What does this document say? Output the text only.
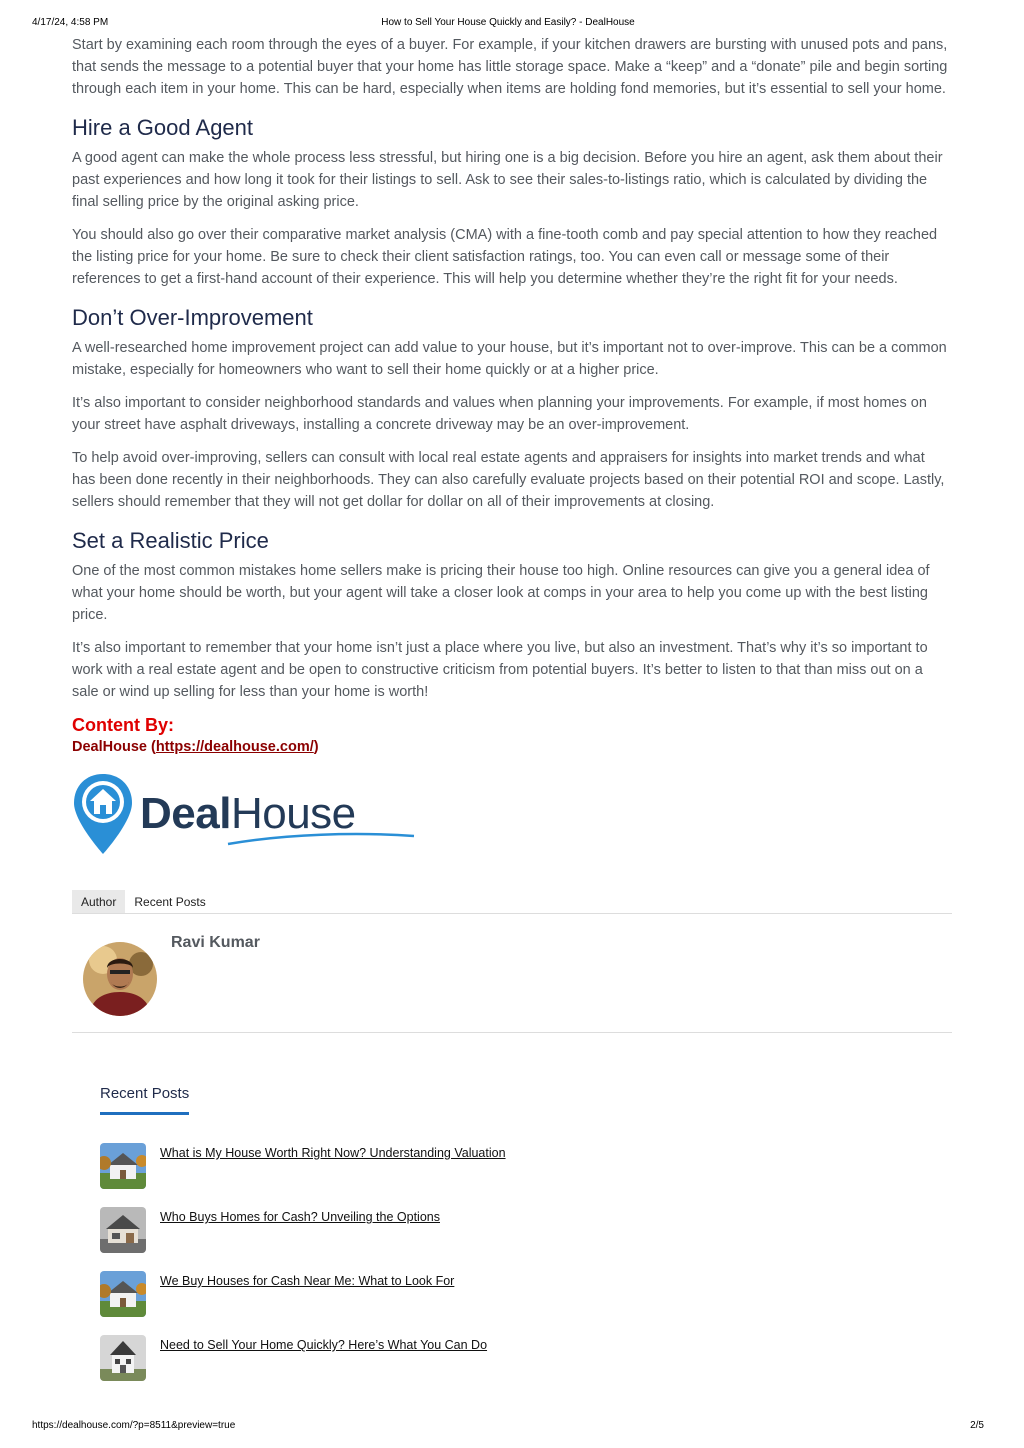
4/17/24, 4:58 PM	How to Sell Your House Quickly and Easily? - DealHouse

Start by examining each room through the eyes of a buyer. For example, if your kitchen drawers are bursting with unused pots and pans, that sends the message to a potential buyer that your home has little storage space. Make a “keep” and a “donate” pile and begin sorting through each item in your home. This can be hard, especially when items are holding fond memories, but it’s essential to sell your home.

Hire a Good Agent

A good agent can make the whole process less stressful, but hiring one is a big decision. Before you hire an agent, ask them about their past experiences and how long it took for their listings to sell. Ask to see their sales-to-listings ratio, which is calculated by dividing the final selling price by the original asking price.

You should also go over their comparative market analysis (CMA) with a fine-tooth comb and pay special attention to how they reached the listing price for your home. Be sure to check their client satisfaction ratings, too. You can even call or message some of their references to get a first-hand account of their experience. This will help you determine whether they’re the right fit for your needs.

Don’t Over-Improvement

A well-researched home improvement project can add value to your house, but it’s important not to over-improve. This can be a common mistake, especially for homeowners who want to sell their home quickly or at a higher price.

It’s also important to consider neighborhood standards and values when planning your improvements. For example, if most homes on your street have asphalt driveways, installing a concrete driveway may be an over-improvement.

To help avoid over-improving, sellers can consult with local real estate agents and appraisers for insights into market trends and what has been done recently in their neighborhoods. They can also carefully evaluate projects based on their potential ROI and scope. Lastly, sellers should remember that they will not get dollar for dollar on all of their improvements at closing.

Set a Realistic Price

One of the most common mistakes home sellers make is pricing their house too high. Online resources can give you a general idea of what your home should be worth, but your agent will take a closer look at comps in your area to help you come up with the best listing price.

It’s also important to remember that your home isn’t just a place where you live, but also an investment. That’s why it’s so important to work with a real estate agent and be open to constructive criticism from potential buyers. It’s better to listen to that than miss out on a sale or wind up selling for less than your home is worth!

Content By:
DealHouse (https://dealhouse.com/)
DealHouse
Author	Recent Posts
Ravi Kumar
Recent Posts
What is My House Worth Right Now? Understanding Valuation
Who Buys Homes for Cash? Unveiling the Options
We Buy Houses for Cash Near Me: What to Look For
Need to Sell Your Home Quickly? Here’s What You Can Do
https://dealhouse.com/?p=8511&preview=true	2/5
